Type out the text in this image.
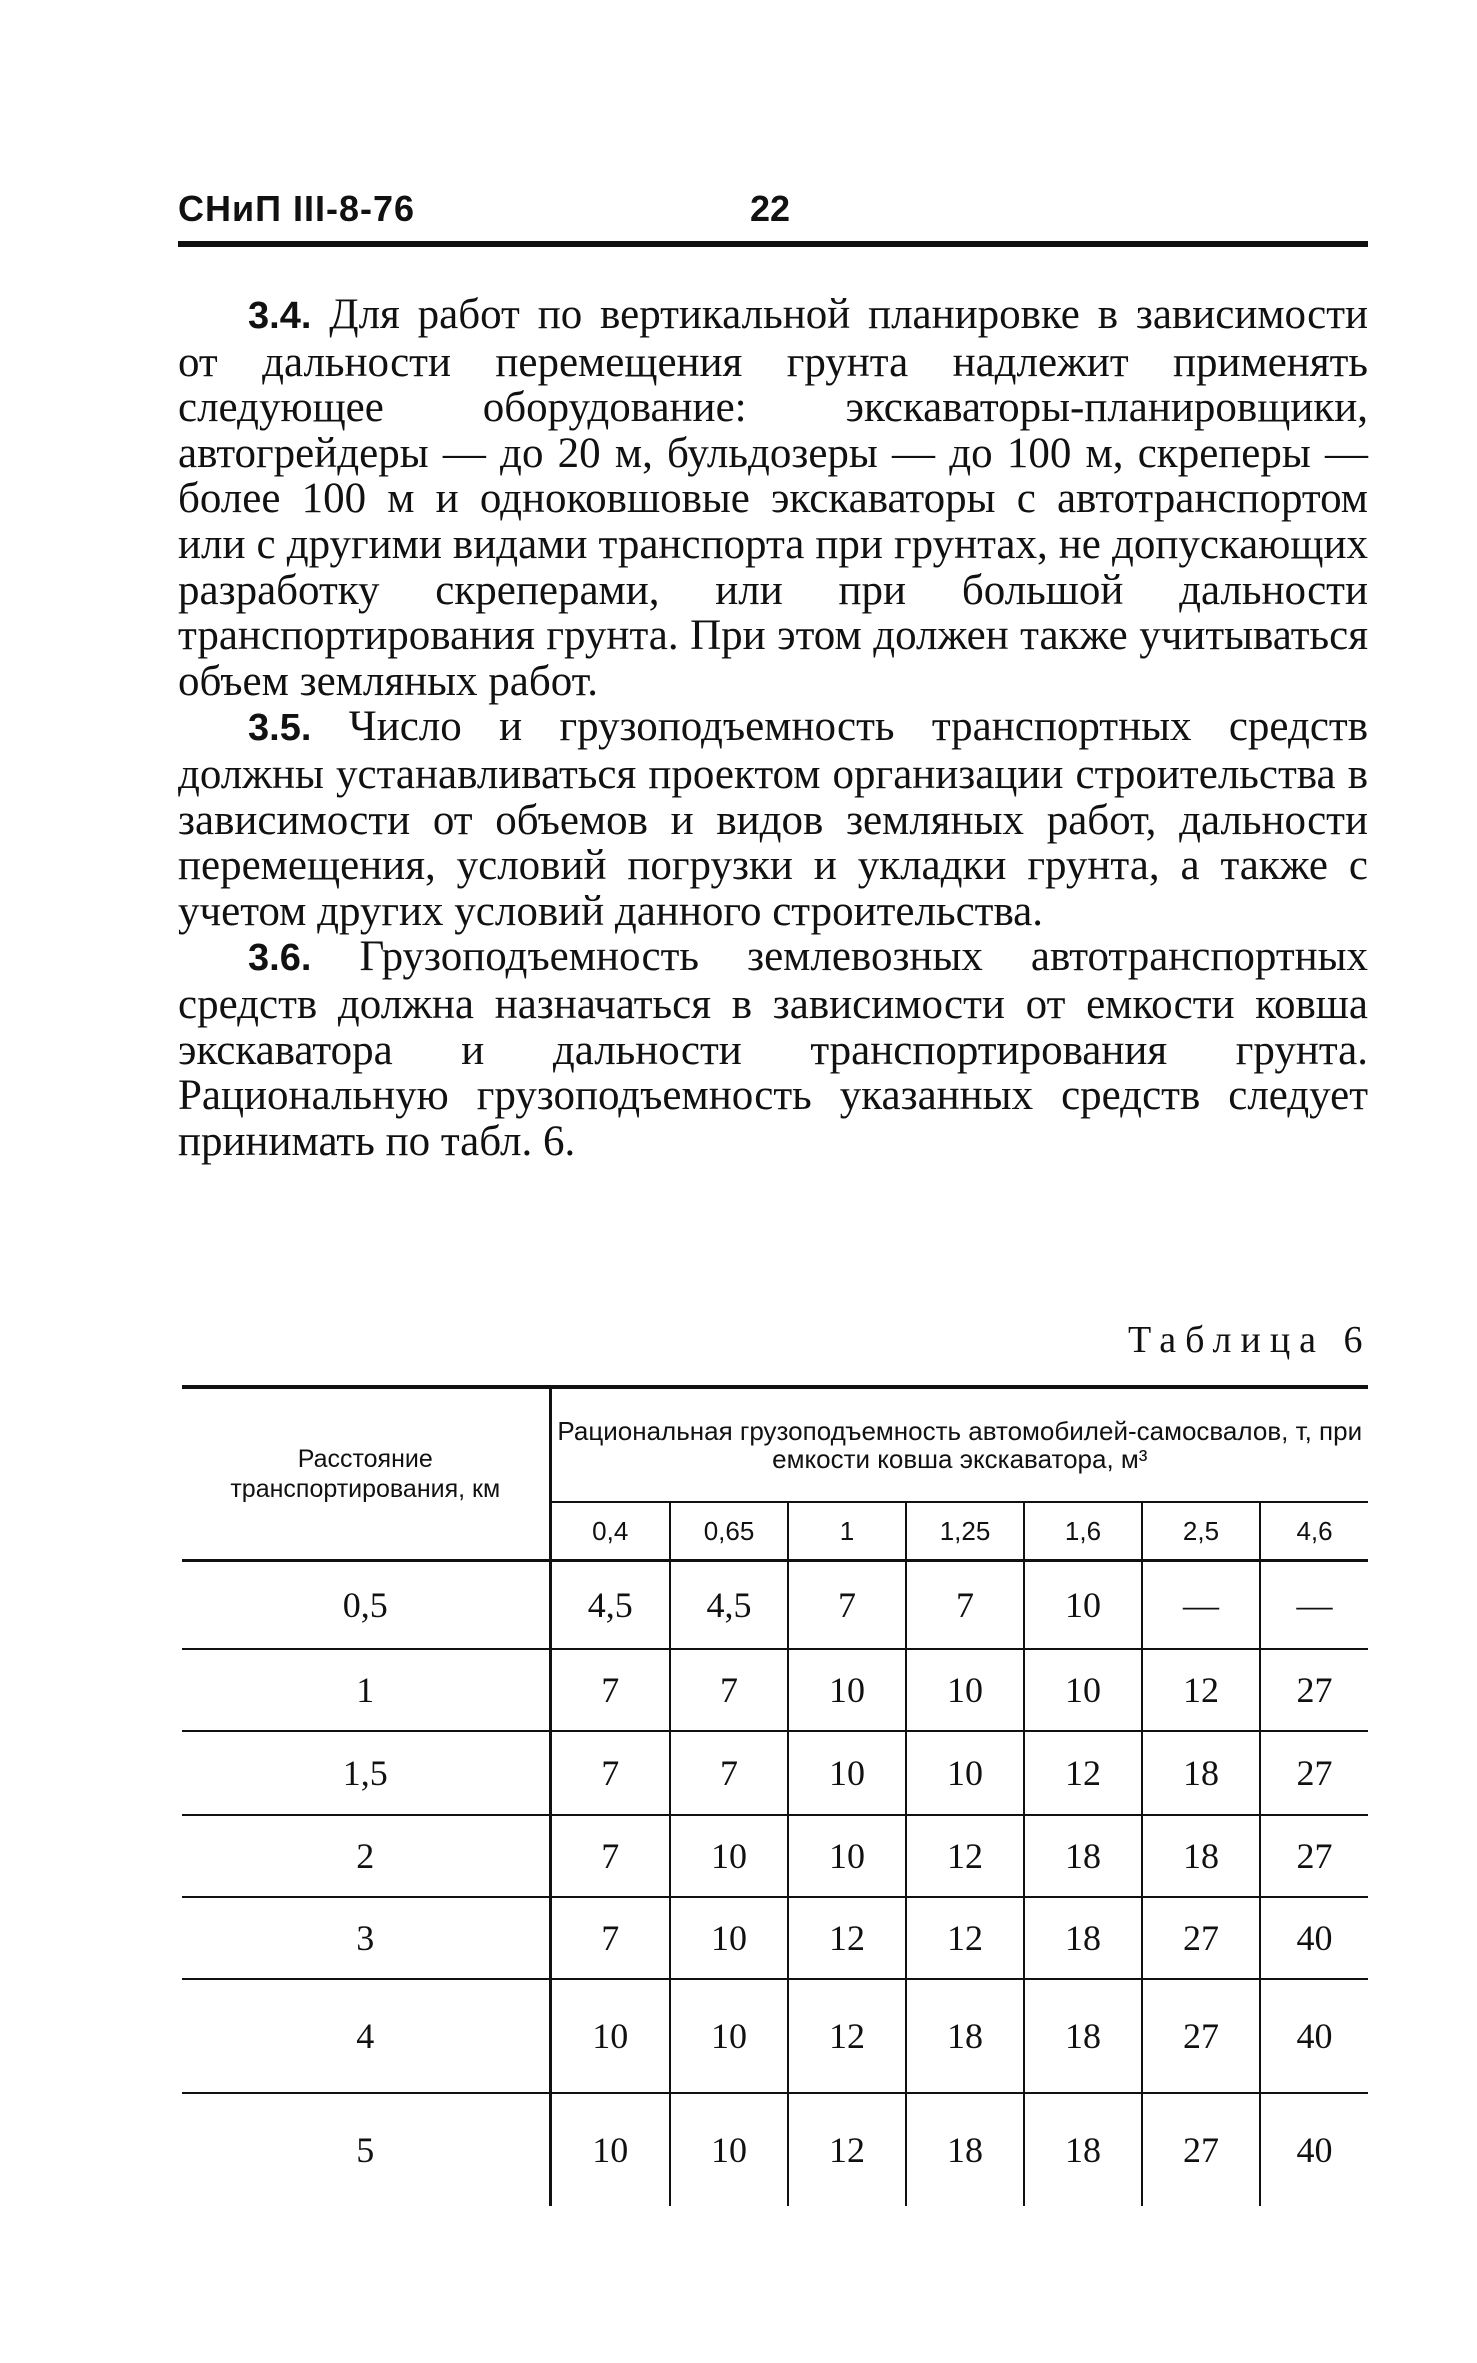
СНиП III-8-76	22

3.4. Для работ по вертикальной планировке в зависимости от дальности перемещения грунта надлежит применять следующее оборудование: экскаваторы-планировщики, автогрейдеры — до 20 м, бульдозеры — до 100 м, скреперы — более 100 м и одноковшовые экскаваторы с автотранспортом или с другими видами транспорта при грунтах, не допускающих разработку скреперами, или при большой дальности транспортирования грунта. При этом должен также учитываться объем земляных работ.

3.5. Число и грузоподъемность транспортных средств должны устанавливаться проектом организации строительства в зависимости от объемов и видов земляных работ, дальности перемещения, условий погрузки и укладки грунта, а также с учетом других условий данного строительства.

3.6. Грузоподъемность землевозных автотранспортных средств должна назначаться в зависимости от емкости ковша экскаватора и дальности транспортирования грунта. Рациональную грузоподъемность указанных средств следует принимать по табл. 6.

Таблица 6
Расстояние транспортирования, км	Рациональная грузоподъемность автомобилей-самосвалов, т, при емкости ковша экскаватора, м³						
	0,4	0,65	1	1,25	1,6	2,5	4,6
0,5	4,5	4,5	7	7	10	—	—
1	7	7	10	10	10	12	27
1,5	7	7	10	10	12	18	27
2	7	10	10	12	18	18	27
3	7	10	12	12	18	27	40
4	10	10	12	18	18	27	40
5	10	10	12	18	18	27	40
